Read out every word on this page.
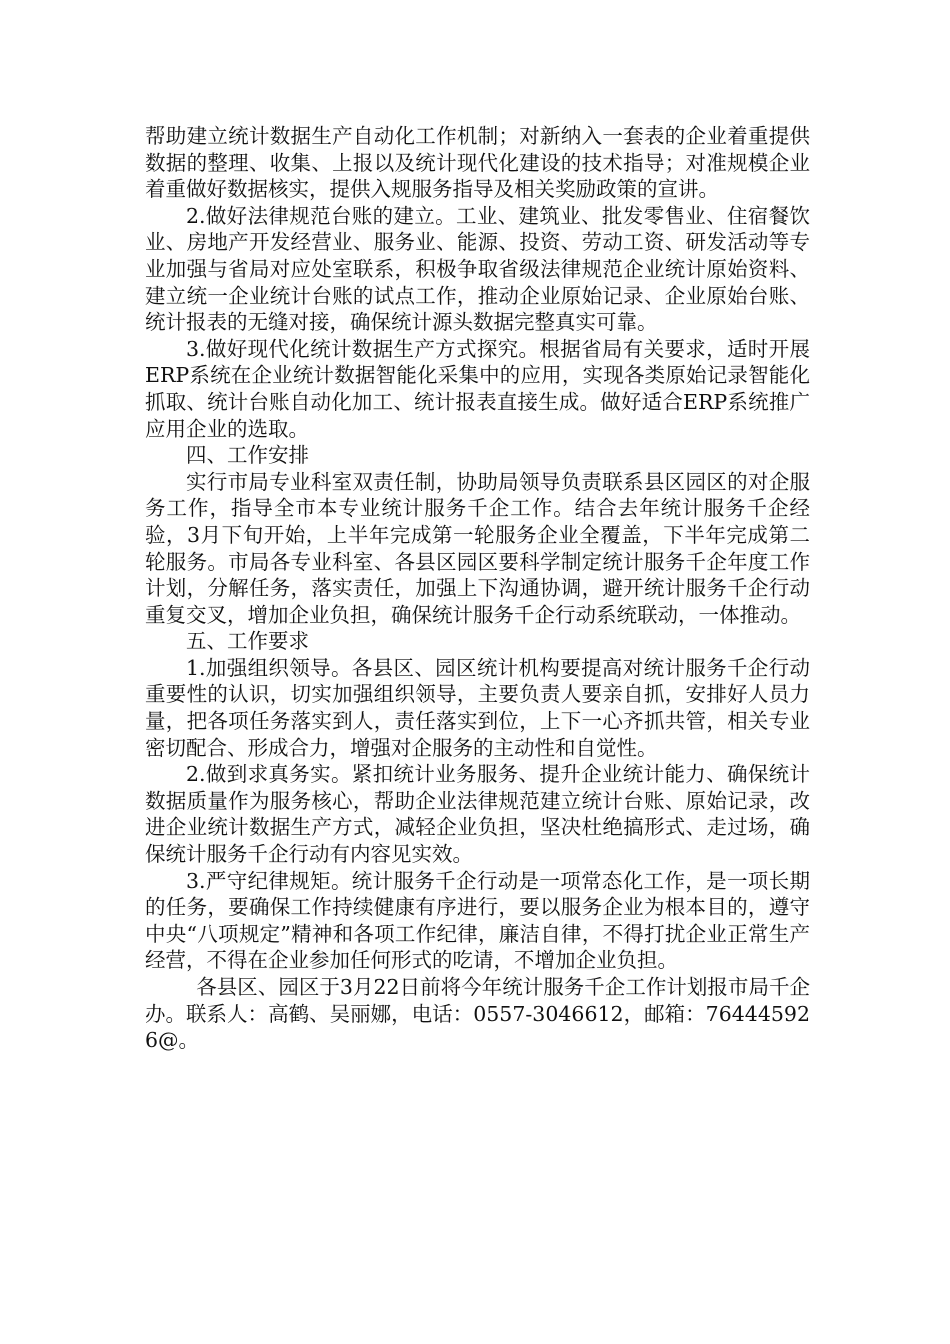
帮助建立统计数据生产自动化工作机制；对新纳入一套表的企业着重提供数据的整理、收集、上报以及统计现代化建设的技术指导；对准规模企业着重做好数据核实，提供入规服务指导及相关奖励政策的宣讲。

2.做好法律规范台账的建立。工业、建筑业、批发零售业、住宿餐饮业、房地产开发经营业、服务业、能源、投资、劳动工资、研发活动等专业加强与省局对应处室联系，积极争取省级法律规范企业统计原始资料、建立统一企业统计台账的试点工作，推动企业原始记录、企业原始台账、统计报表的无缝对接，确保统计源头数据完整真实可靠。

3.做好现代化统计数据生产方式探究。根据省局有关要求，适时开展ERP系统在企业统计数据智能化采集中的应用，实现各类原始记录智能化抓取、统计台账自动化加工、统计报表直接生成。做好适合ERP系统推广应用企业的选取。

四、工作安排

实行市局专业科室双责任制，协助局领导负责联系县区园区的对企服务工作，指导全市本专业统计服务千企工作。结合去年统计服务千企经验，3月下旬开始，上半年完成第一轮服务企业全覆盖，下半年完成第二轮服务。市局各专业科室、各县区园区要科学制定统计服务千企年度工作计划，分解任务，落实责任，加强上下沟通协调，避开统计服务千企行动重复交叉，增加企业负担，确保统计服务千企行动系统联动，一体推动。

五、工作要求

1.加强组织领导。各县区、园区统计机构要提高对统计服务千企行动重要性的认识，切实加强组织领导，主要负责人要亲自抓，安排好人员力量，把各项任务落实到人，责任落实到位，上下一心齐抓共管，相关专业密切配合、形成合力，增强对企服务的主动性和自觉性。

2.做到求真务实。紧扣统计业务服务、提升企业统计能力、确保统计数据质量作为服务核心，帮助企业法律规范建立统计台账、原始记录，改进企业统计数据生产方式，减轻企业负担，坚决杜绝搞形式、走过场，确保统计服务千企行动有内容见实效。

3.严守纪律规矩。统计服务千企行动是一项常态化工作，是一项长期的任务，要确保工作持续健康有序进行，要以服务企业为根本目的，遵守中央“八项规定”精神和各项工作纪律，廉洁自律，不得打扰企业正常生产经营，不得在企业参加任何形式的吃请，不增加企业负担。

各县区、园区于3月22日前将今年统计服务千企工作计划报市局千企办。联系人：高鹤、吴丽娜，电话：0557-3046612，邮箱：764445926@。
